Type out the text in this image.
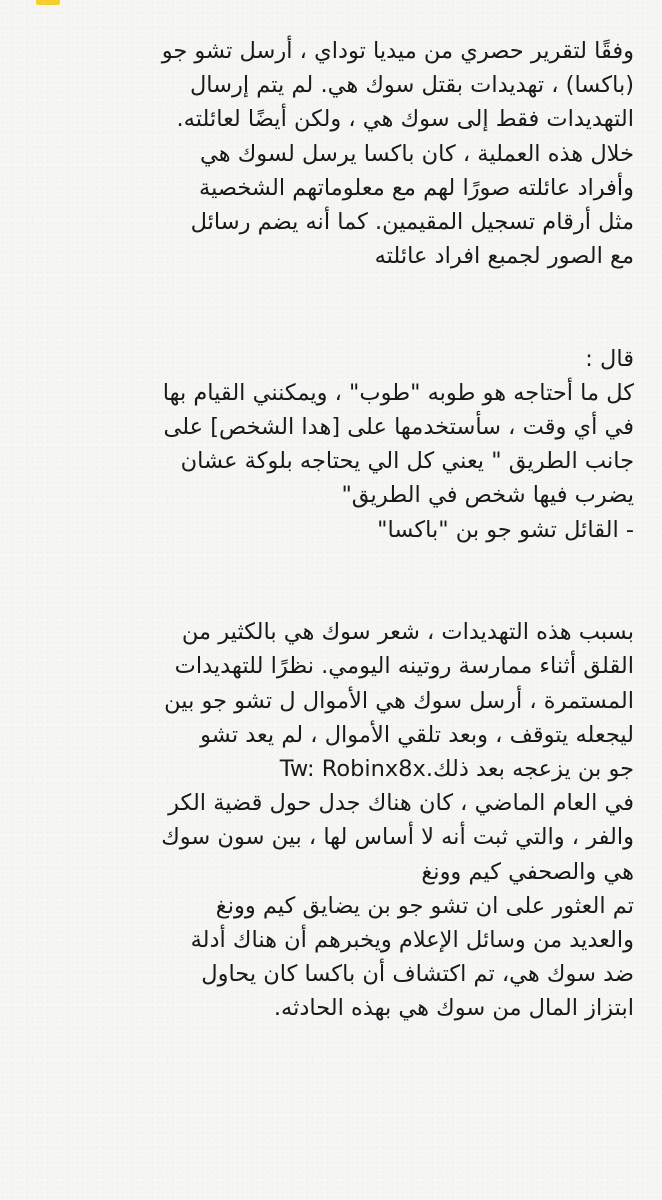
وفقًا لتقرير حصري من ميديا توداي ، أرسل تشو جو
(باكسا) ، تهديدات بقتل سوك هي. لم يتم إرسال
التهديدات فقط إلى سوك هي ، ولكن أيضًا لعائلته.
خلال هذه العملية ، كان باكسا يرسل لسوك هي
وأفراد عائلته صورًا لهم مع معلوماتهم الشخصية
مثل أرقام تسجيل المقيمين. كما أنه يضم رسائل
مع الصور لجمبع افراد عائلته
قال :
كل ما أحتاجه هو طوبه "طوب" ، ويمكنني القيام بها
في أي وقت ، سأستخدمها على [هدا الشخص] على
جانب الطريق " يعني كل الي يحتاجه بلوكة عشان
يضرب فيها شخص في الطريق"
- القائل تشو جو بن "باكسا"
بسبب هذه التهديدات ، شعر سوك هي بالكثير من
القلق أثناء ممارسة روتينه اليومي. نظرًا للتهديدات
المستمرة ، أرسل سوك هي الأموال ل تشو جو بين
ليجعله يتوقف ، وبعد تلقي الأموال ، لم يعد تشو
جو بن يزعجه بعد ذلك.Tw: Robinx8x
في العام الماضي ، كان هناك جدل حول قضية الكر
والفر ، والتي ثبت أنه لا أساس لها ، بين سون سوك
هي والصحفي كيم وونغ
تم العثور على ان تشو جو بن يضايق كيم وونغ
والعديد من وسائل الإعلام ويخبرهم أن هناك أدلة
ضد سوك هي، تم اكتشاف أن باكسا كان يحاول
ابتزاز المال من سوك هي بهذه الحادثه.
